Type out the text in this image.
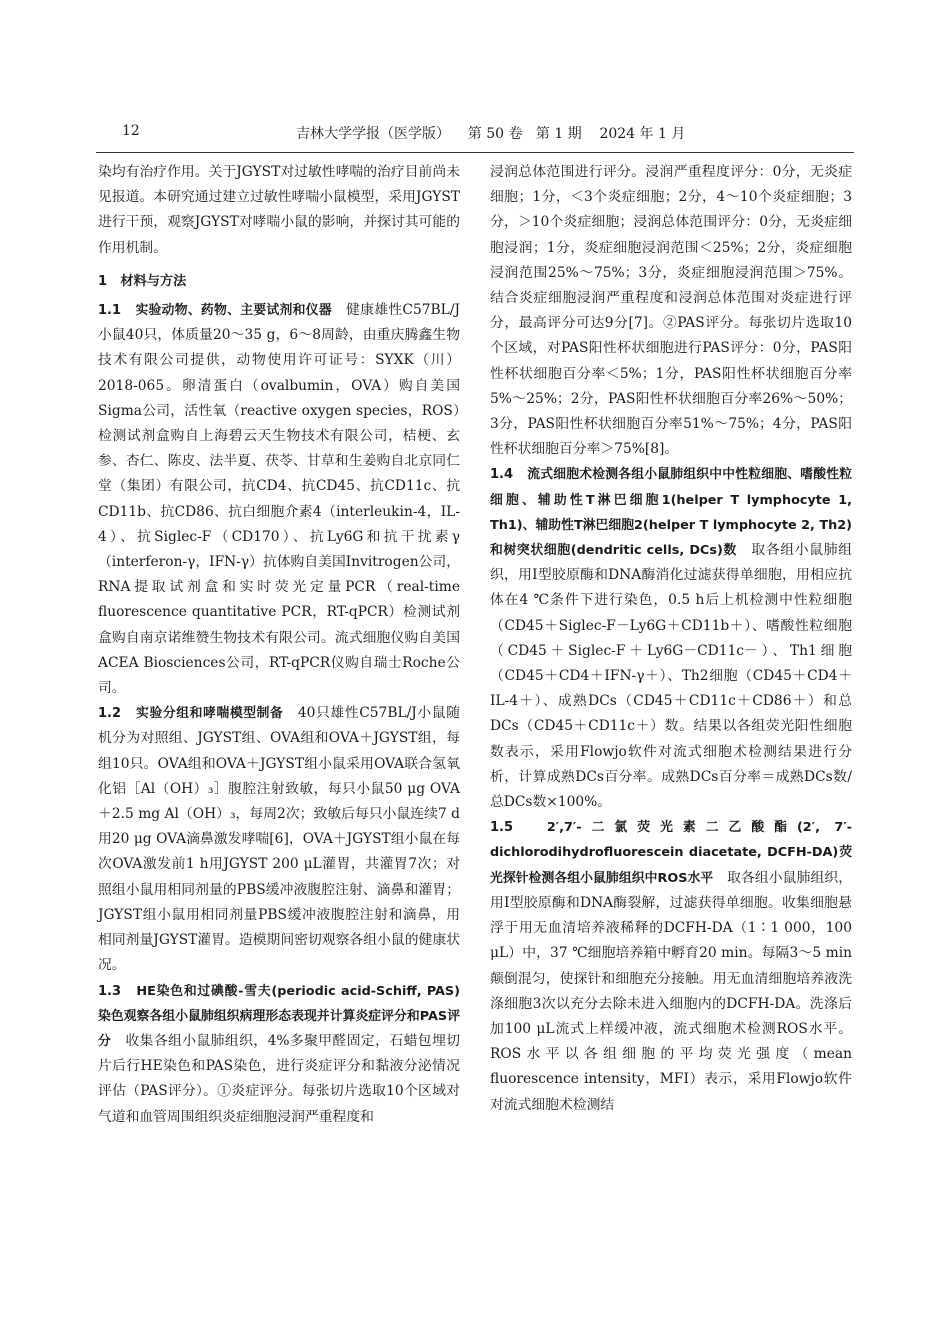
12	吉林大学学报（医学版）    第 50 卷   第 1 期    2024 年 1 月

染均有治疗作用。关于JGYST对过敏性哮喘的治疗目前尚未见报道。本研究通过建立过敏性哮喘小鼠模型，采用JGYST进行干预，观察JGYST对哮喘小鼠的影响，并探讨其可能的作用机制。

1　材料与方法

1.1　 实验动物、药物、主要试剂和仪器　 健康雄性C57BL/J小鼠40只，体质量20～35 g，6～8周龄，由重庆腾鑫生物技术有限公司提供，动物使用许可证号：SYXK（川）2018-065。卵清蛋白（ovalbumin，OVA）购自美国Sigma公司，活性氧（reactive oxygen species，ROS）检测试剂盒购自上海碧云天生物技术有限公司，桔梗、玄参、杏仁、陈皮、法半夏、茯苓、甘草和生姜购自北京同仁堂（集团）有限公司，抗CD4、抗CD45、抗CD11c、抗CD11b、抗CD86、抗白细胞介素4（interleukin-4，IL-4）、抗Siglec-F（CD170）、抗Ly6G和抗干扰素γ（interferon-γ，IFN-γ）抗体购自美国Invitrogen公司，RNA提取试剂盒和实时荧光定量PCR（real-time fluorescence quantitative PCR，RT-qPCR）检测试剂盒购自南京诺维赞生物技术有限公司。流式细胞仪购自美国ACEA Biosciences公司，RT-qPCR仪购自瑞士Roche公司。

1.2　 实验分组和哮喘模型制备　 40只雄性C57BL/J小鼠随机分为对照组、JGYST组、OVA组和OVA＋JGYST组，每组10只。OVA组和OVA＋JGYST组小鼠采用OVA联合氢氧化铝［Al（OH）₃］腹腔注射致敏，每只小鼠50 μg OVA＋2.5 mg Al（OH）₃，每周2次；致敏后每只小鼠连续7 d用20 μg OVA滴鼻激发哮喘[6]，OVA＋JGYST组小鼠在每次OVA激发前1 h用JGYST 200 μL灌胃，共灌胃7次；对照组小鼠用相同剂量的PBS缓冲液腹腔注射、滴鼻和灌胃；JGYST组小鼠用相同剂量PBS缓冲液腹腔注射和滴鼻，用相同剂量JGYST灌胃。造模期间密切观察各组小鼠的健康状况。

1.3　 HE染色和过碘酸-雪夫(periodic acid-Schiff, PAS)染色观察各组小鼠肺组织病理形态表现并计算炎症评分和PAS评分　 收集各组小鼠肺组织，4%多聚甲醛固定，石蜡包埋切片后行HE染色和PAS染色，进行炎症评分和黏液分泌情况评估（PAS评分）。①炎症评分。每张切片选取10个区域对气道和血管周围组织炎症细胞浸润严重程度和

浸润总体范围进行评分。浸润严重程度评分：0分，无炎症细胞；1分，＜3个炎症细胞；2分，4～10个炎症细胞；3分，＞10个炎症细胞；浸润总体范围评分：0分，无炎症细胞浸润；1分，炎症细胞浸润范围＜25%；2分，炎症细胞浸润范围25%～75%；3分，炎症细胞浸润范围＞75%。结合炎症细胞浸润严重程度和浸润总体范围对炎症进行评分，最高评分可达9分[7]。②PAS评分。每张切片选取10个区域，对PAS阳性杯状细胞进行PAS评分：0分，PAS阳性杯状细胞百分率＜5%；1分，PAS阳性杯状细胞百分率5%～25%；2分，PAS阳性杯状细胞百分率26%～50%；3分，PAS阳性杯状细胞百分率51%～75%；4分，PAS阳性杯状细胞百分率＞75%[8]。

1.4　 流式细胞术检测各组小鼠肺组织中中性粒细胞、嗜酸性粒细胞、辅助性T淋巴细胞1(helper T lymphocyte 1, Th1)、辅助性T淋巴细胞2(helper T lymphocyte 2, Th2)和树突状细胞(dendritic cells, DCs)数　 取各组小鼠肺组织，用Ⅰ型胶原酶和DNA酶消化过滤获得单细胞，用相应抗体在4 ℃条件下进行染色，0.5 h后上机检测中性粒细胞（CD45＋Siglec-F－Ly6G＋CD11b＋）、嗜酸性粒细胞（CD45＋Siglec-F＋Ly6G－CD11c－）、Th1细胞（CD45＋CD4＋IFN-γ＋）、Th2细胞（CD45＋CD4＋IL-4＋）、成熟DCs（CD45＋CD11c＋CD86＋）和总DCs（CD45＋CD11c＋）数。结果以各组荧光阳性细胞数表示，采用Flowjo软件对流式细胞术检测结果进行分析，计算成熟DCs百分率。成熟DCs百分率＝成熟DCs数/总DCs数×100%。

1.5　	2′,7′-二氯荧光素二乙酸酯(2′, 7′-dichlorodihydrofluorescein diacetate, DCFH-DA)荧光探针检测各组小鼠肺组织中ROS水平　 取各组小鼠肺组织，用Ⅰ型胶原酶和DNA酶裂解，过滤获得单细胞。收集细胞悬浮于用无血清培养液稀释的DCFH-DA（1∶1 000，100 μL）中，37 ℃细胞培养箱中孵育20 min。每隔3～5 min颠倒混匀，使探针和细胞充分接触。用无血清细胞培养液洗涤细胞3次以充分去除未进入细胞内的DCFH-DA。洗涤后加100 μL流式上样缓冲液，流式细胞术检测ROS水平。ROS水平以各组细胞的平均荧光强度（mean fluorescence intensity，MFI）表示，采用Flowjo软件对流式细胞术检测结
